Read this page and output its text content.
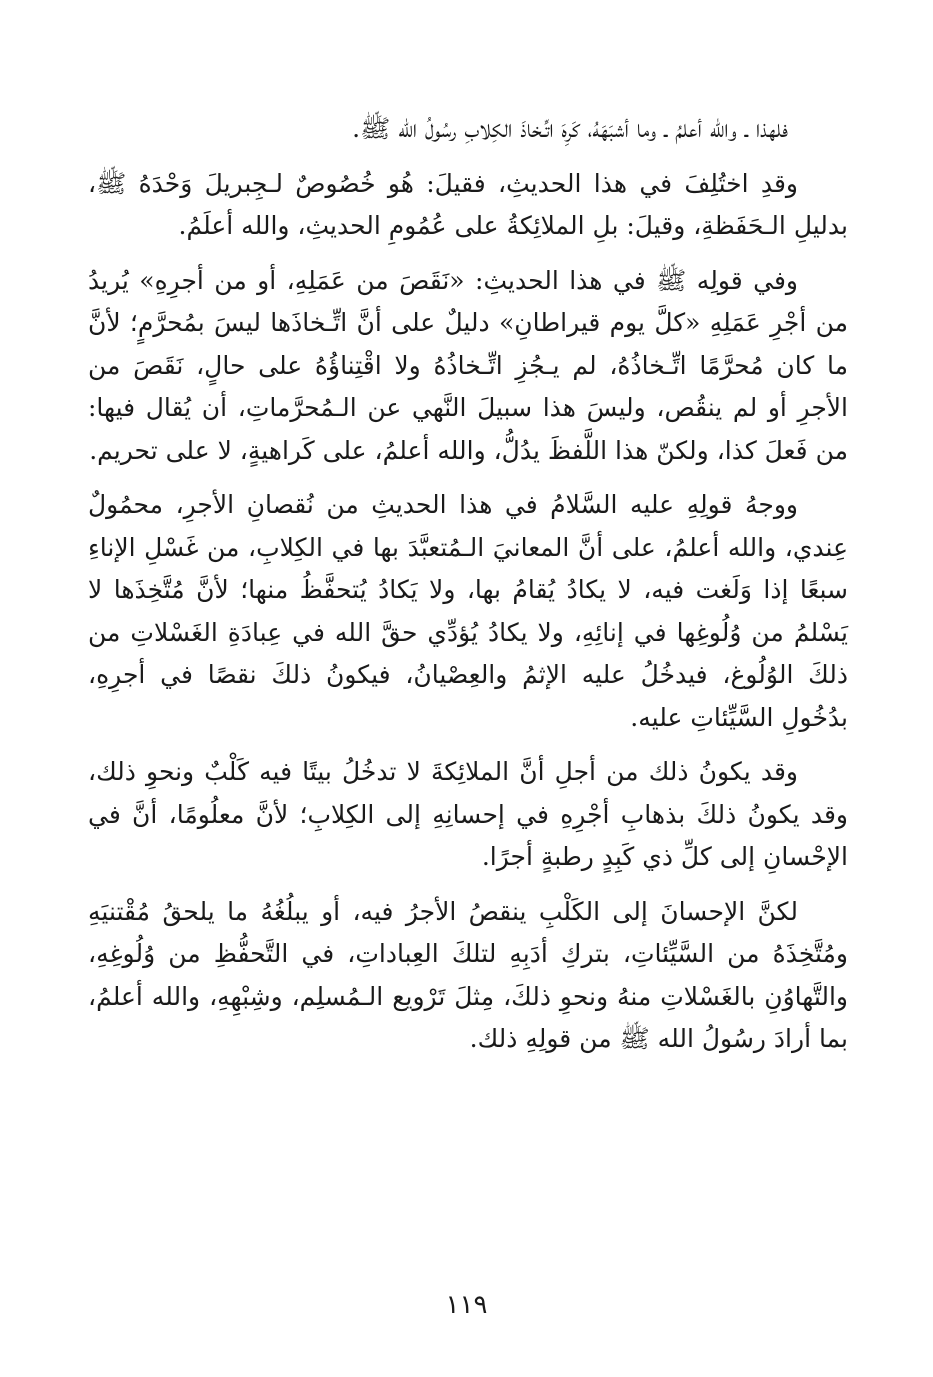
فلهذا ـ والله أعلمُ ـ وما أشبَهَهُ، كَرِهَ اتِّـخاذَ الكِلابِ رسُولُ الله ﷺ.

وقدِ اختُلِفَ في هذا الحديثِ، فقيلَ: هُو خُصُوصٌ لـجِبريلَ وَحْدَهُ ﷺ، بدليلِ الـحَفَظةِ، وقيلَ: بلِ الملائِكةُ على عُمُومِ الحديثِ، والله أعلَمُ.

وفي قولِه ﷺ في هذا الحديثِ: «نَقَصَ من عَمَلِهِ، أو من أجرِهِ» يُريدُ من أجْرِ عَمَلِهِ «كلَّ يوم قيراطانِ» دليلٌ على أنَّ اتِّـخاذَها ليسَ بمُحرَّمٍ؛ لأنَّ ما كان مُحرَّمًا اتِّـخاذُهُ، لم يـجُزِ اتِّـخاذُهُ ولا اقْتِناؤُهُ على حالٍ، نَقَصَ من الأجرِ أو لم ينقُص، وليسَ هذا سبيلَ النَّهي عن الـمُحرَّماتِ، أن يُقال فيها: من فَعلَ كذا، ولكنّ هذا اللَّفظَ يدُلُّ، والله أعلمُ، على كَراهيةٍ، لا على تحريم.

ووجهُ قولِهِ عليه السَّلامُ في هذا الحديثِ من نُقصانِ الأجرِ، محمُولٌ عِندي، والله أعلمُ، على أنَّ المعانيَ الـمُتعبَّدَ بها في الكِلابِ، من غَسْلِ الإناءِ سبعًا إذا وَلَغت فيه، لا يكادُ يُقامُ بها، ولا يَكادُ يُتحفَّظُ منها؛ لأنَّ مُتَّخِذَها لا يَسْلمُ من وُلُوغِها في إنائِهِ، ولا يكادُ يُؤدِّي حقَّ الله في عِبادَةِ الغَسْلاتِ من ذلكَ الوُلُوغ، فيدخُلُ عليه الإثمُ والعِصْيانُ، فيكونُ ذلكَ نقصًا في أجرِهِ، بدُخُولِ السَّيِّئاتِ عليه.

وقد يكونُ ذلك من أجلِ أنَّ الملائِكةَ لا تدخُلُ بيتًا فيه كَلْبٌ ونحوِ ذلك، وقد يكونُ ذلكَ بذهابِ أجْرِهِ في إحسانِهِ إلى الكِلابِ؛ لأنَّ معلُومًا، أنَّ في الإحْسانِ إلى كلِّ ذي كَبِدٍ رطبةٍ أجرًا.

لكنَّ الإحسانَ إلى الكَلْبِ ينقصُ الأجرُ فيه، أو يبلُغُهُ ما يلحقُ مُقْتنيَهِ ومُتَّخِذَهُ من السَّيِّئاتِ، بتركِ أدَبِهِ لتلكَ العِباداتِ، في التَّحفُّظِ من وُلُوغِهِ، والتَّهاوُنِ بالغَسْلاتِ منهُ ونحوِ ذلكَ، مِثلَ تَرْويع الـمُسلِم، وشِبْهِهِ، والله أعلمُ، بما أرادَ رسُولُ الله ﷺ من قولِهِ ذلك.

١١٩
